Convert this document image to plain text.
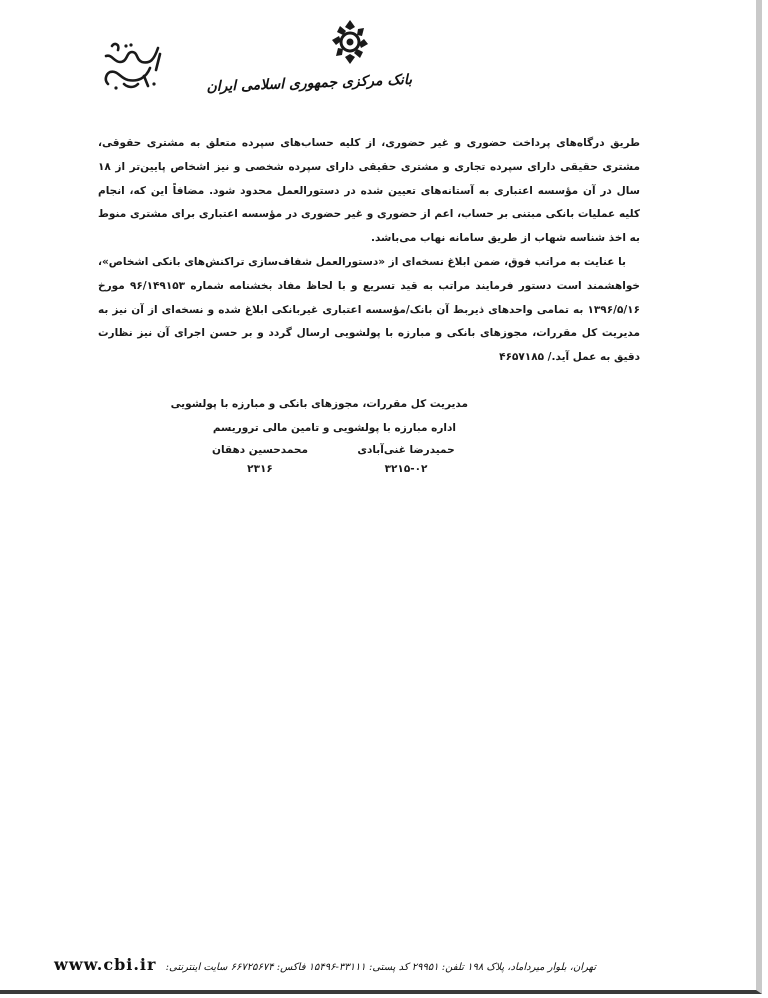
بانک مرکزی جمهوری اسلامی ایران

طریق درگاه‌های پرداخت حضوری و غیر حضوری، از کلیه حساب‌های سپرده متعلق به مشتری حقوقی، مشتری حقیقی دارای سپرده تجاری و مشتری حقیقی دارای سپرده شخصی و نیز اشخاص پایین‌تر از ۱۸ سال در آن مؤسسه اعتباری به آستانه‌های تعیین شده در دستورالعمل محدود شود. مضافاً این که، انجام کلیه عملیات بانکی مبتنی بر حساب، اعم از حضوری و غیر حضوری در مؤسسه اعتباری برای مشتری منوط به اخذ شناسه شهاب از طریق سامانه نهاب می‌باشد.

با عنایت به مراتب فوق، ضمن ابلاغ نسخه‌ای از «دستورالعمل شفاف‌سازی تراکنش‌های بانکی اشخاص»، خواهشمند است دستور فرمایند مراتب به قید تسریع و با لحاظ مفاد بخشنامه شماره ۹۶/۱۴۹۱۵۳ مورخ ۱۳۹۶/۵/۱۶ به تمامی واحدهای ذیربط آن بانک/مؤسسه اعتباری غیربانکی ابلاغ شده و نسخه‌ای از آن نیز به مدیریت کل مقررات، مجوزهای بانکی و مبارزه با پولشویی ارسال گردد و بر حسن اجرای آن نیز نظارت دقیق به عمل آید./ ۴۶۵۷۱۸۵

مدیریت کل مقررات، مجوزهای بانکی و مبارزه با پولشویی
اداره مبارزه با پولشویی و تامین مالی تروریسم
حمیدرضا غنی‌آبادی
۳۲۱۵-۰۲
محمدحسین دهقان
۲۳۱۶
تهران، بلوار میرداماد، پلاک ۱۹۸ تلفن: ۲۹۹۵۱ کد پستی: ۳۳۱۱۱-۱۵۴۹۶ فاکس: ۶۶۷۲۵۶۷۴ سایت اینترنتی: www.cbi.ir
